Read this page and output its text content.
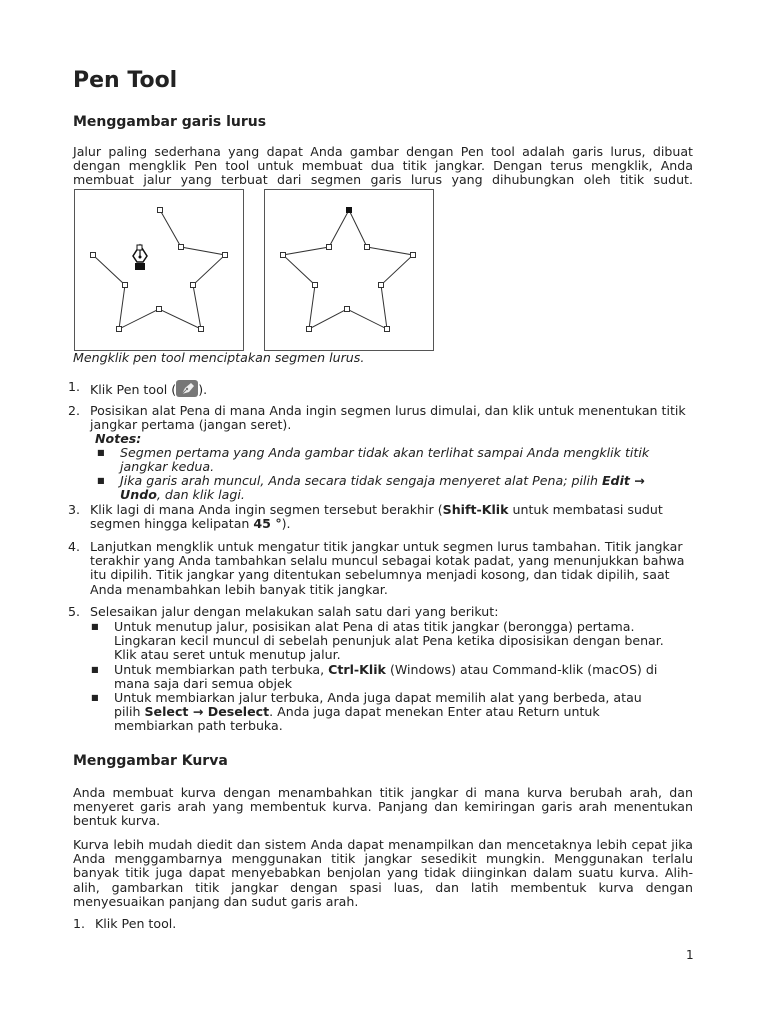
Pen Tool
Menggambar garis lurus

Jalur paling sederhana yang dapat Anda gambar dengan Pen tool adalah garis lurus, dibuat dengan mengklik Pen tool untuk membuat dua titik jangkar. Dengan terus mengklik, Anda membuat jalur yang terbuat dari segmen garis lurus yang dihubungkan oleh titik sudut.

Mengklik pen tool menciptakan segmen lurus.
1. Klik Pen tool ( ).
2. Posisikan alat Pena di mana Anda ingin segmen lurus dimulai, dan klik untuk menentukan titik jangkar pertama (jangan seret).
Notes:
■ Segmen pertama yang Anda gambar tidak akan terlihat sampai Anda mengklik titik jangkar kedua.
■ Jika garis arah muncul, Anda secara tidak sengaja menyeret alat Pena; pilih Edit → Undo, dan klik lagi.
3. Klik lagi di mana Anda ingin segmen tersebut berakhir (Shift-Klik untuk membatasi sudut segmen hingga kelipatan 45 °).
4. Lanjutkan mengklik untuk mengatur titik jangkar untuk segmen lurus tambahan. Titik jangkar terakhir yang Anda tambahkan selalu muncul sebagai kotak padat, yang menunjukkan bahwa itu dipilih. Titik jangkar yang ditentukan sebelumnya menjadi kosong, dan tidak dipilih, saat Anda menambahkan lebih banyak titik jangkar.
5. Selesaikan jalur dengan melakukan salah satu dari yang berikut:
■ Untuk menutup jalur, posisikan alat Pena di atas titik jangkar (berongga) pertama. Lingkaran kecil muncul di sebelah penunjuk alat Pena ketika diposisikan dengan benar. Klik atau seret untuk menutup jalur.
■ Untuk membiarkan path terbuka, Ctrl-Klik (Windows) atau Command-klik (macOS) di mana saja dari semua objek
■ Untuk membiarkan jalur terbuka, Anda juga dapat memilih alat yang berbeda, atau pilih Select → Deselect. Anda juga dapat menekan Enter atau Return untuk membiarkan path terbuka.
Menggambar Kurva

Anda membuat kurva dengan menambahkan titik jangkar di mana kurva berubah arah, dan menyeret garis arah yang membentuk kurva. Panjang dan kemiringan garis arah menentukan bentuk kurva.

Kurva lebih mudah diedit dan sistem Anda dapat menampilkan dan mencetaknya lebih cepat jika Anda menggambarnya menggunakan titik jangkar sesedikit mungkin. Menggunakan terlalu banyak titik juga dapat menyebabkan benjolan yang tidak diinginkan dalam suatu kurva. Alih-alih, gambarkan titik jangkar dengan spasi luas, dan latih membentuk kurva dengan menyesuaikan panjang dan sudut garis arah.

1. Klik Pen tool.
1
